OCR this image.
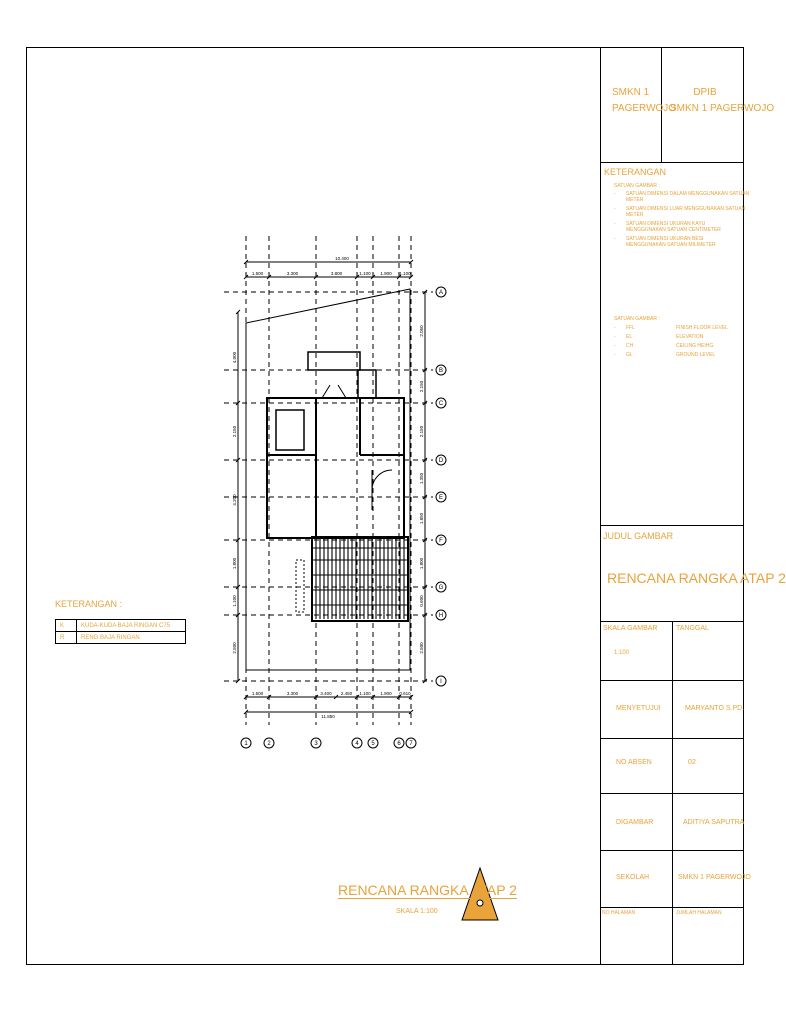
SMKN 1
PAGERWOJO
DPIB
SMKN 1 PAGERWOJO
KETERANGAN
SATUAN GAMBAR :
- SATUAN DIMENSI DALAM MENGGUNAKAN SATUAN
METER
- SATUAN DIMENSI LUAR MENGGUNAKAN SATUAN
METER
- SATUAN DIMENSI UKURAN KAYU
MENGGUNAKAN SATUAN CENTIMETER
- SATUAN DIMENSI UKURAN BESI
MENGGUNAKAN SATUAN MILIMETER
SATUAN GAMBAR :
- FFL	FINISH FLOOR LEVEL
- EL	ELEVATION
- CH	CEILING HEIHG
- GL	GROUND LEVEL
JUDUL GAMBAR
RENCANA RANGKA ATAP 2
SKALA GAMBAR
1:100
TANGGAL
MENYETUJUI	MARYANTO S.PD.
NO ABSEN	02
DIGAMBAR	ADITIYA SAPUTRA
SEKOLAH	SMKN 1 PAGERWOJO
NO HALAMAN	JUMLAH HALAMAN
KETERANGAN :
K	KUDA-KUDA BAJA RINGAN C75
R	RENG BAJA RINGAN
10.400
1.500	3.300	3.800	1.100 1.900 1.100
1.500	3.300	3.400 2.450 1.100 1.900 0.610
11.850
2.050
2.150
2.150
1.350
1.850
1.800
0.600
2.500
4.000
2.150
4.200
1.800
1.100
2.500
A
B
C
D
E
F
G
H
I
1	2	3	4 5	6 7
RENCANA RANGKA ATAP 2
SKALA 1:100
